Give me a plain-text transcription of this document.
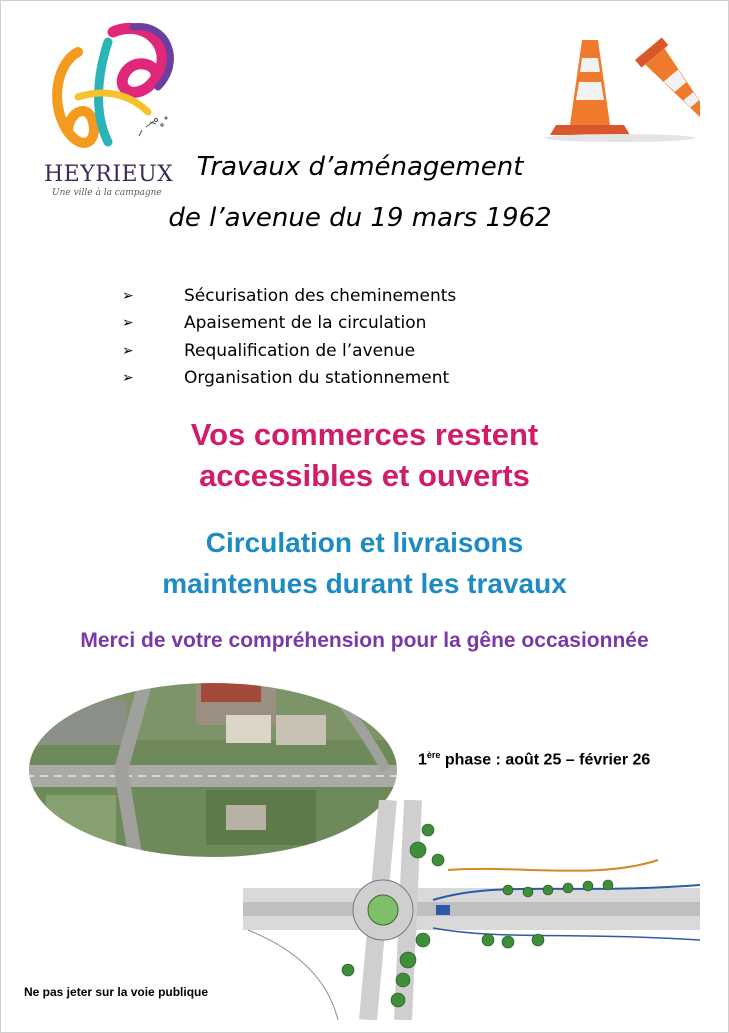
HEYRIEUX
Une ville à la campagne
Travaux d’aménagement
de l’avenue du 19 mars 1962
➢	Sécurisation des cheminements
➢	Apaisement de la circulation
➢	Requalification de l’avenue
➢	Organisation du stationnement
Vos commerces restent
accessibles et ouverts
Circulation et livraisons
maintenues durant les travaux
Merci de votre compréhension pour la gêne occasionnée
1ère phase : août 25 – février 26
Ne pas jeter sur la voie publique
